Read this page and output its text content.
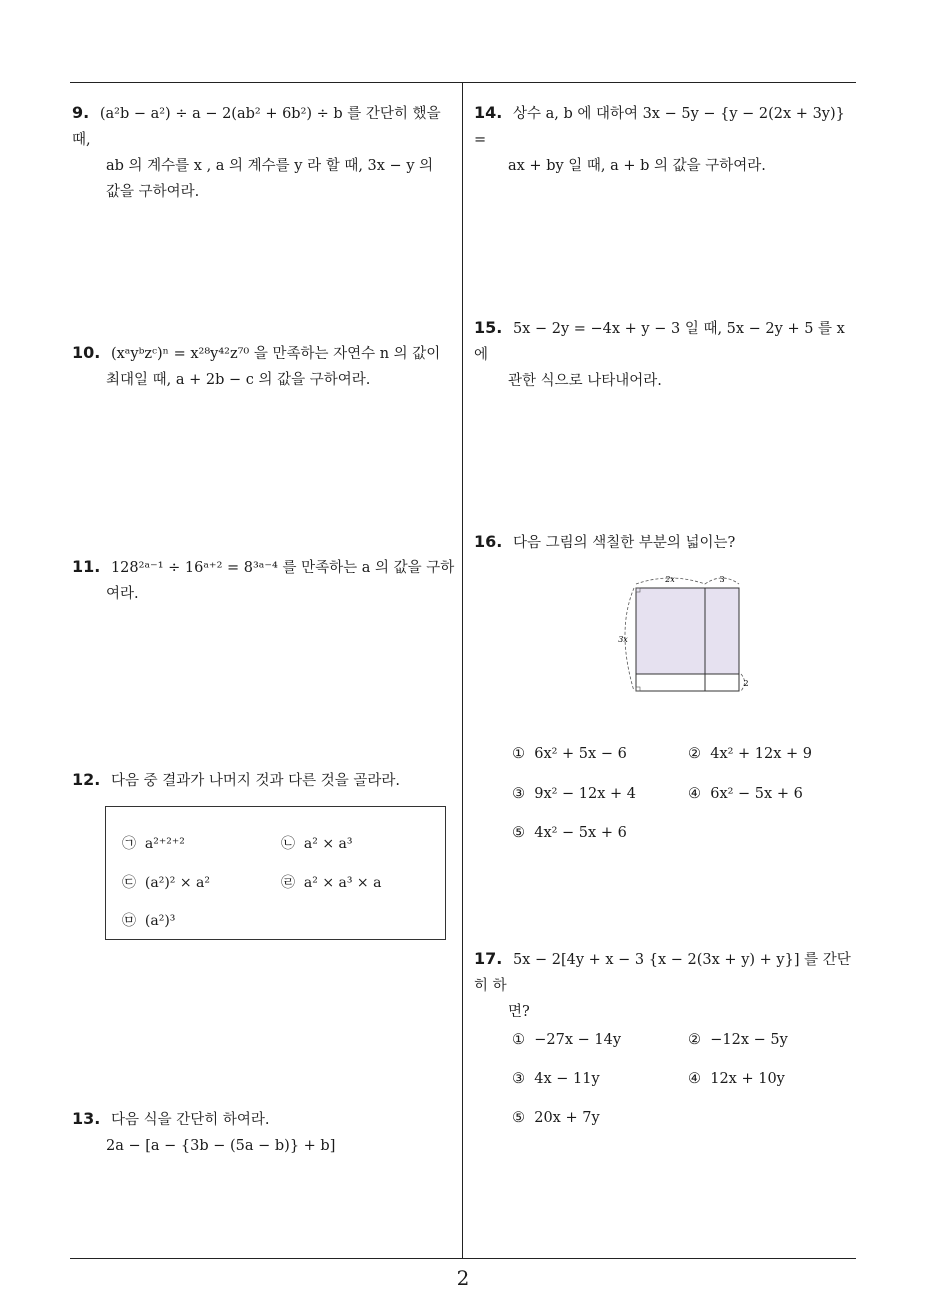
9. (a²b − a²) ÷ a − 2(ab² + 6b²) ÷ b 를 간단히 했을 때,
ab 의 계수를 x , a 의 계수를 y 라 할 때, 3x − y 의
값을 구하여라.
10. (xᵃyᵇzᶜ)ⁿ = x²⁸y⁴²z⁷⁰ 을 만족하는 자연수 n 의 값이
최대일 때, a + 2b − c 의 값을 구하여라.
11. 128²ᵃ⁻¹ ÷ 16ᵃ⁺² = 8³ᵃ⁻⁴ 를 만족하는 a 의 값을 구하
여라.
12. 다음 중 결과가 나머지 것과 다른 것을 골라라.
㉠ a²⁺²⁺²	㉡ a² × a³
㉢ (a²)² × a²	㉣ a² × a³ × a
㉤ (a²)³
13. 다음 식을 간단히 하여라.
2a − [a − {3b − (5a − b)} + b]
14. 상수 a, b 에 대하여 3x − 5y − {y − 2(2x + 3y)} =
ax + by 일 때, a + b 의 값을 구하여라.
15. 5x − 2y = −4x + y − 3 일 때, 5x − 2y + 5 를 x 에
관한 식으로 나타내어라.
16. 다음 그림의 색칠한 부분의 넓이는?
2x	3
3x
2
① 6x² + 5x − 6	② 4x² + 12x + 9
③ 9x² − 12x + 4	④ 6x² − 5x + 6
⑤ 4x² − 5x + 6
17. 5x − 2[4y + x − 3 {x − 2(3x + y) + y}] 를 간단히 하
면?
① −27x − 14y	② −12x − 5y
③ 4x − 11y	④ 12x + 10y
⑤ 20x + 7y
2
